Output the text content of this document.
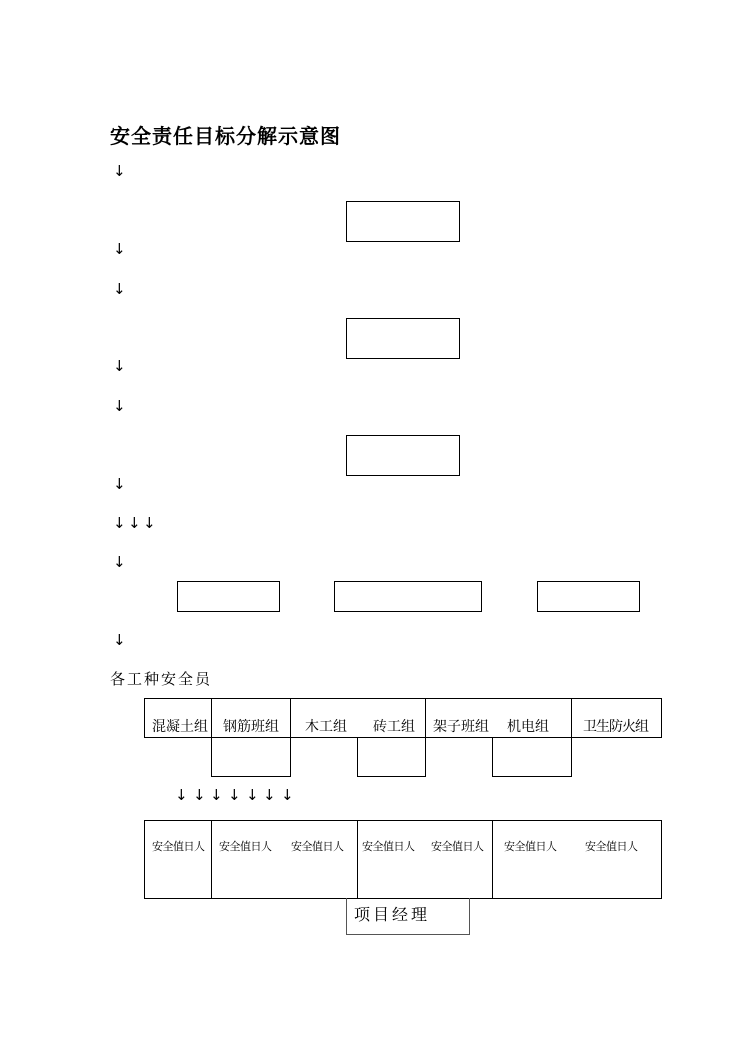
安全责任目标分解示意图
↓
↓
↓
↓
↓
↓
↓ ↓ ↓
↓
↓
各工种安全员
混凝土组 钢筋班组 木工组 砖工组 架子班组 机电组 卫生防火组
↓ ↓ ↓ ↓ ↓ ↓ ↓
安全值日人 安全值日人 安全值日人 安全值日人 安全值日人 安全值日人	安全值日人
项目经理
